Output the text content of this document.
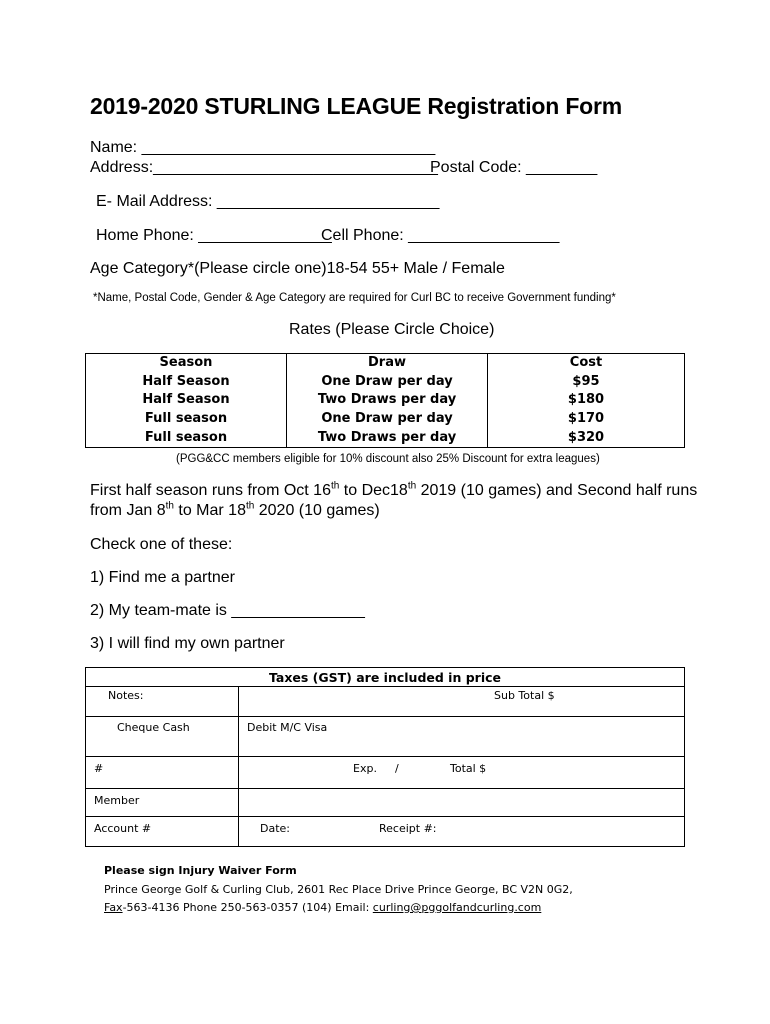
2019-2020 STURLING LEAGUE Registration Form
Name: _________________________________
Address:________________________________
Postal Code: ________
E- Mail Address: _________________________
Home Phone: _______________
Cell Phone: _________________
Age Category*(Please circle one)18-54 55+ Male / Female
*Name, Postal Code, Gender & Age Category are required for Curl BC to receive Government funding*
Rates (Please Circle Choice)
Season	Draw	Cost
Half Season	One Draw per day	$95
Half Season	Two Draws per day	$180
Full season	One Draw per day	$170
Full season	Two Draws per day	$320
(PGG&CC members eligible for 10% discount also 25% Discount for extra leagues)
First half season runs from Oct 16th to Dec18th 2019 (10 games) and Second half runs
from Jan 8th to Mar 18th 2020 (10 games)
Check one of these:
1) Find me a partner
2) My team-mate is _______________
3) I will find my own partner
Taxes (GST) are included in price
Notes:	Sub Total $
Cheque Cash	Debit M/C Visa
#	Exp. /	Total $
Member
Account #	Date:	Receipt #:
Please sign Injury Waiver Form
Prince George Golf & Curling Club, 2601 Rec Place Drive Prince George, BC V2N 0G2,
Fax-563-4136 Phone 250-563-0357 (104) Email: curling@pggolfandcurling.com
